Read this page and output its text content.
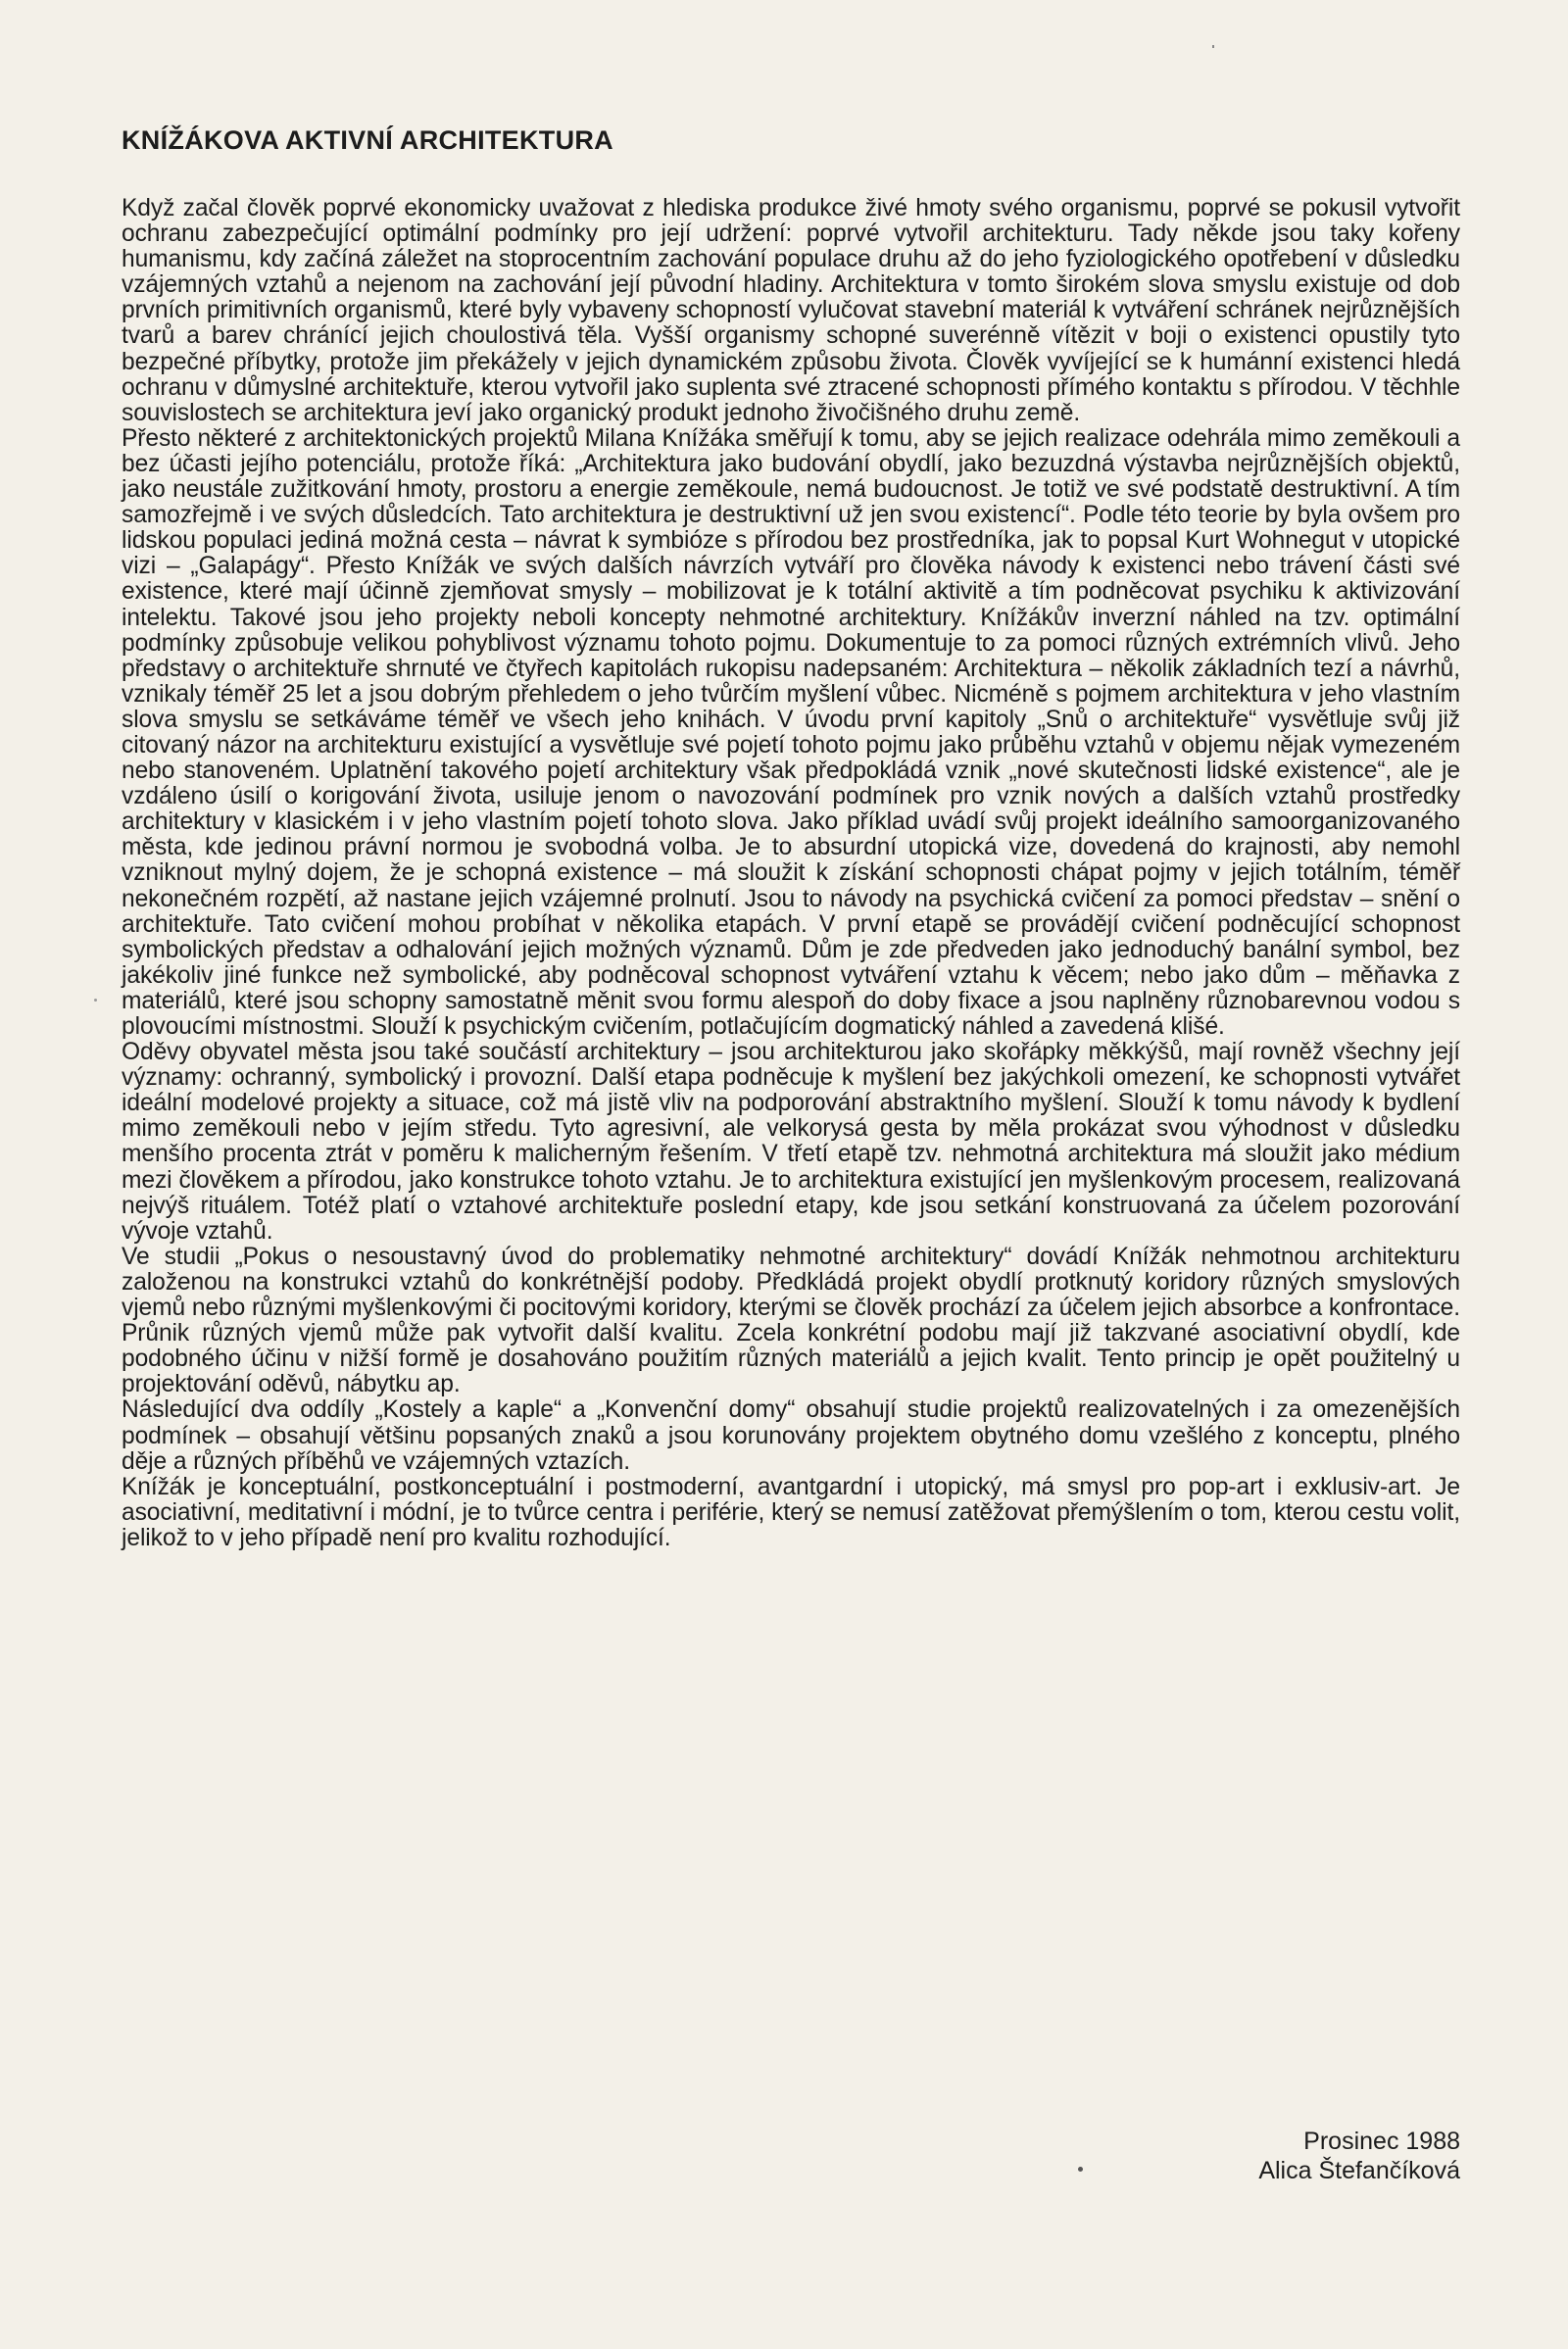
KNÍŽÁKOVA AKTIVNÍ ARCHITEKTURA

Když začal člověk poprvé ekonomicky uvažovat z hlediska produkce živé hmoty svého organismu, poprvé se pokusil vytvořit ochranu zabezpečující optimální podmínky pro její udržení: poprvé vytvořil architekturu. Tady někde jsou taky kořeny humanismu, kdy začíná záležet na stoprocentním zachování populace druhu až do jeho fyziologického opotřebení v důsledku vzájemných vztahů a nejenom na zachování její původní hladiny. Architektura v tomto širokém slova smyslu existuje od dob prvních primitivních organismů, které byly vybaveny schopností vylučovat stavební materiál k vytváření schránek nejrůznějších tvarů a barev chránící jejich choulostivá těla. Vyšší organismy schopné suverénně vítězit v boji o existenci opustily tyto bezpečné příbytky, protože jim překážely v jejich dynamickém způsobu života. Člověk vyvíjející se k humánní existenci hledá ochranu v důmyslné architektuře, kterou vytvořil jako suplenta své ztracené schopnosti přímého kontaktu s přírodou. V těchhle souvislostech se architektura jeví jako organický produkt jednoho živočišného druhu země.

Přesto některé z architektonických projektů Milana Knížáka směřují k tomu, aby se jejich realizace odehrála mimo zeměkouli a bez účasti jejího potenciálu, protože říká: „Architektura jako budování obydlí, jako bezuzdná výstavba nejrůznějších objektů, jako neustále zužitkování hmoty, prostoru a energie zeměkoule, nemá budoucnost. Je totiž ve své podstatě destruktivní. A tím samozřejmě i ve svých důsledcích. Tato architektura je destruktivní už jen svou existencí“. Podle této teorie by byla ovšem pro lidskou populaci jediná možná cesta – návrat k symbióze s přírodou bez prostředníka, jak to popsal Kurt Wohnegut v utopické vizi – „Galapágy“. Přesto Knížák ve svých dalších návrzích vytváří pro člověka návody k existenci nebo trávení části své existence, které mají účinně zjemňovat smysly – mobilizovat je k totální aktivitě a tím podněcovat psychiku k aktivizování intelektu. Takové jsou jeho projekty neboli koncepty nehmotné architektury. Knížákův inverzní náhled na tzv. optimální podmínky způsobuje velikou pohyblivost významu tohoto pojmu. Dokumentuje to za pomoci různých extrémních vlivů. Jeho představy o architektuře shrnuté ve čtyřech kapitolách rukopisu nadepsaném: Architektura – několik základních tezí a návrhů, vznikaly téměř 25 let a jsou dobrým přehledem o jeho tvůrčím myšlení vůbec. Nicméně s pojmem architektura v jeho vlastním slova smyslu se setkáváme téměř ve všech jeho knihách. V úvodu první kapitoly „Snů o architektuře“ vysvětluje svůj již citovaný názor na architekturu existující a vysvětluje své pojetí tohoto pojmu jako průběhu vztahů v objemu nějak vymezeném nebo stanoveném. Uplatnění takového pojetí architektury však předpokládá vznik „nové skutečnosti lidské existence“, ale je vzdáleno úsilí o korigování života, usiluje jenom o navozování podmínek pro vznik nových a dalších vztahů prostředky architektury v klasickém i v jeho vlastním pojetí tohoto slova. Jako příklad uvádí svůj projekt ideálního samoorganizovaného města, kde jedinou právní normou je svobodná volba. Je to absurdní utopická vize, dovedená do krajnosti, aby nemohl vzniknout mylný dojem, že je schopná existence – má sloužit k získání schopnosti chápat pojmy v jejich totálním, téměř nekonečném rozpětí, až nastane jejich vzájemné prolnutí. Jsou to návody na psychická cvičení za pomoci představ – snění o architektuře. Tato cvičení mohou probíhat v několika etapách. V první etapě se provádějí cvičení podněcující schopnost symbolických představ a odhalování jejich možných významů. Dům je zde předveden jako jednoduchý banální symbol, bez jakékoliv jiné funkce než symbolické, aby podněcoval schopnost vytváření vztahu k věcem; nebo jako dům – měňavka z materiálů, které jsou schopny samostatně měnit svou formu alespoň do doby fixace a jsou naplněny různobarevnou vodou s plovoucími místnostmi. Slouží k psychickým cvičením, potlačujícím dogmatický náhled a zavedená klišé.

Oděvy obyvatel města jsou také součástí architektury – jsou architekturou jako skořápky měkkýšů, mají rovněž všechny její významy: ochranný, symbolický i provozní. Další etapa podněcuje k myšlení bez jakýchkoli omezení, ke schopnosti vytvářet ideální modelové projekty a situace, což má jistě vliv na podporování abstraktního myšlení. Slouží k tomu návody k bydlení mimo zeměkouli nebo v jejím středu. Tyto agresivní, ale velkorysá gesta by měla prokázat svou výhodnost v důsledku menšího procenta ztrát v poměru k malicherným řešením. V třetí etapě tzv. nehmotná architektura má sloužit jako médium mezi člověkem a přírodou, jako konstrukce tohoto vztahu. Je to architektura existující jen myšlenkovým procesem, realizovaná nejvýš rituálem. Totéž platí o vztahové architektuře poslední etapy, kde jsou setkání konstruovaná za účelem pozorování vývoje vztahů.

Ve studii „Pokus o nesoustavný úvod do problematiky nehmotné architektury“ dovádí Knížák nehmotnou architekturu založenou na konstrukci vztahů do konkrétnější podoby. Předkládá projekt obydlí protknutý koridory různých smyslových vjemů nebo různými myšlenkovými či pocitovými koridory, kterými se člověk prochází za účelem jejich absorbce a konfrontace. Průnik různých vjemů může pak vytvořit další kvalitu. Zcela konkrétní podobu mají již takzvané asociativní obydlí, kde podobného účinu v nižší formě je dosahováno použitím různých materiálů a jejich kvalit. Tento princip je opět použitelný u projektování oděvů, nábytku ap.

Následující dva oddíly „Kostely a kaple“ a „Konvenční domy“ obsahují studie projektů realizovatelných i za omezenějších podmínek – obsahují většinu popsaných znaků a jsou korunovány projektem obytného domu vzešlého z konceptu, plného děje a různých příběhů ve vzájemných vztazích.

Knížák je konceptuální, postkonceptuální i postmoderní, avantgardní i utopický, má smysl pro pop-art i exklusiv-art. Je asociativní, meditativní i módní, je to tvůrce centra i periférie, který se nemusí zatěžovat přemýšlením o tom, kterou cestu volit, jelikož to v jeho případě není pro kvalitu rozhodující.

Prosinec 1988
Alica Štefančíková
